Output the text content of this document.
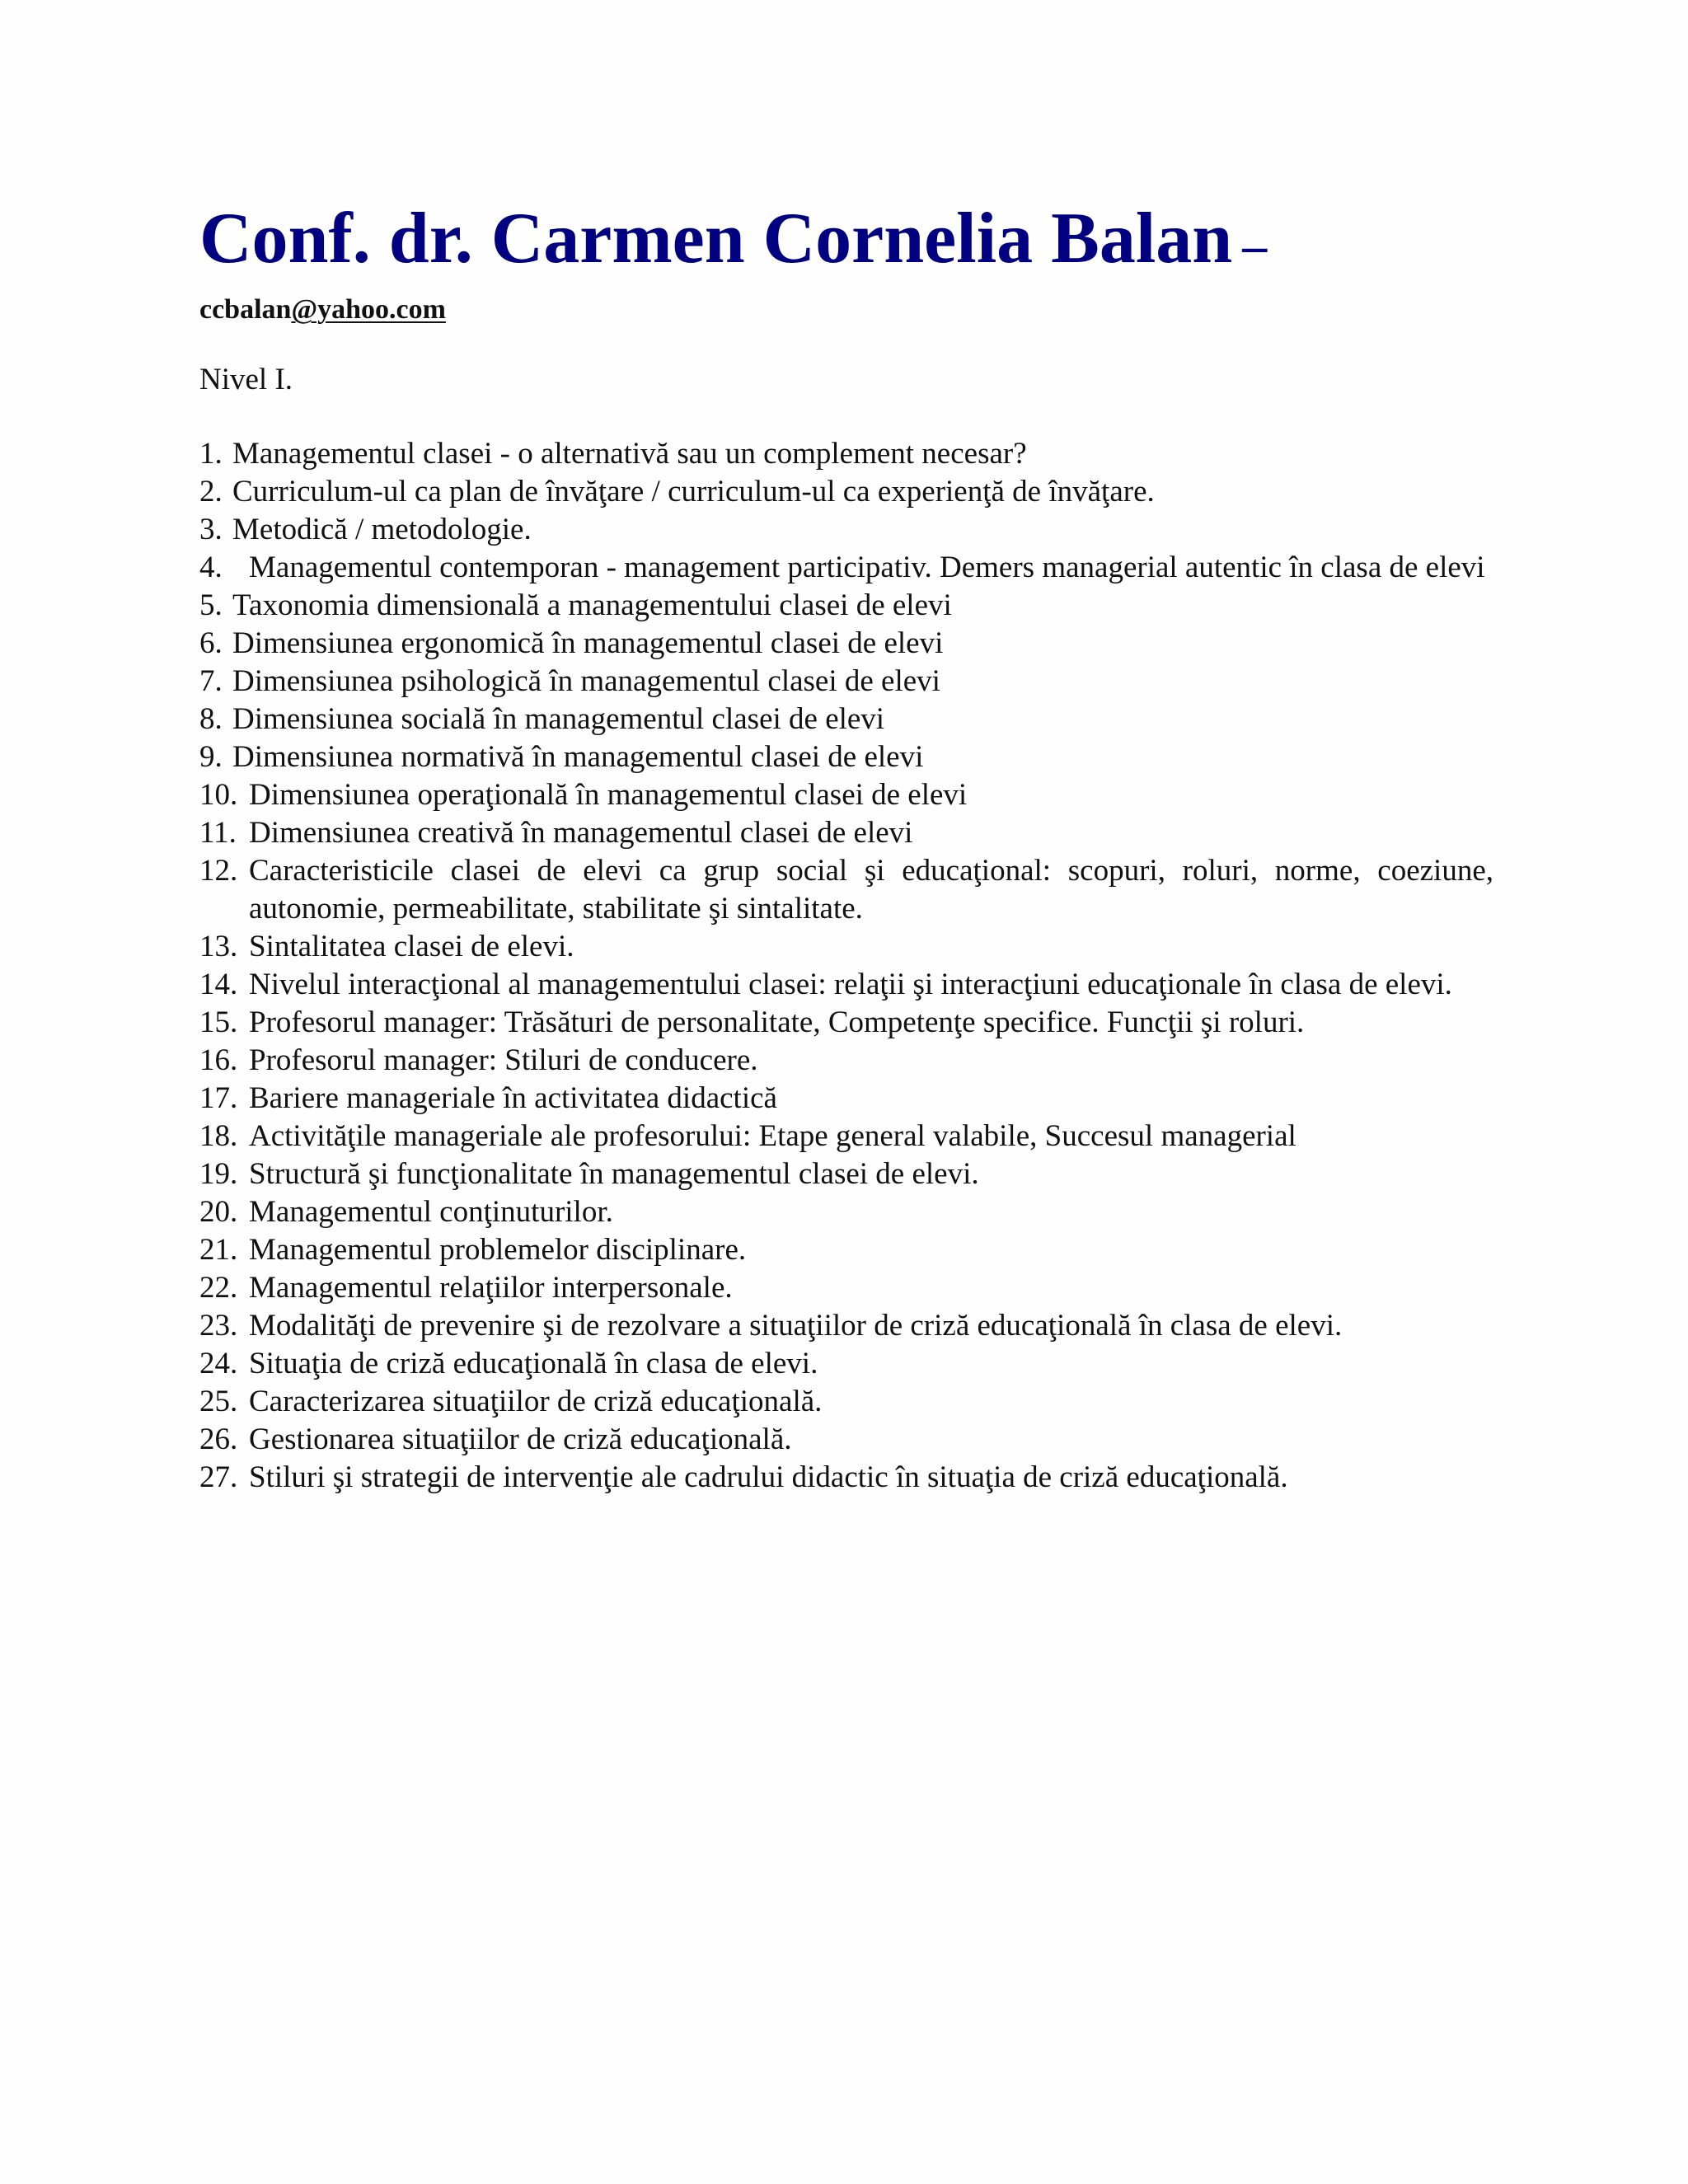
Conf. dr. Carmen Cornelia Balan –
ccbalan@yahoo.com
Nivel I.
1. Managementul clasei - o alternativă sau un complement necesar?
2. Curriculum-ul ca plan de învăţare / curriculum-ul ca experienţă de învăţare.
3. Metodică / metodologie.
4. Managementul contemporan - management participativ. Demers managerial autentic în clasa de elevi
5. Taxonomia dimensională a managementului clasei de elevi
6. Dimensiunea ergonomică în managementul clasei de elevi
7. Dimensiunea psihologică în managementul clasei de elevi
8. Dimensiunea socială în managementul clasei de elevi
9. Dimensiunea normativă în managementul clasei de elevi
10. Dimensiunea operaţională în managementul clasei de elevi
11. Dimensiunea creativă în managementul clasei de elevi
12. Caracteristicile clasei de elevi ca grup social şi educaţional: scopuri, roluri, norme, coeziune, autonomie, permeabilitate, stabilitate şi sintalitate.
13. Sintalitatea clasei de elevi.
14. Nivelul interacţional al managementului clasei: relaţii şi interacţiuni educaţionale în clasa de elevi.
15. Profesorul manager: Trăsături de personalitate, Competenţe specifice. Funcţii şi roluri.
16. Profesorul manager: Stiluri de conducere.
17. Bariere manageriale în activitatea didactică
18. Activităţile manageriale ale profesorului: Etape general valabile, Succesul managerial
19. Structură şi funcţionalitate în managementul clasei de elevi.
20. Managementul conţinuturilor.
21. Managementul problemelor disciplinare.
22. Managementul relaţiilor interpersonale.
23. Modalităţi de prevenire şi de rezolvare a situaţiilor de criză educaţională în clasa de elevi.
24. Situaţia de criză educaţională în clasa de elevi.
25. Caracterizarea situaţiilor de criză educaţională.
26. Gestionarea situaţiilor de criză educaţională.
27. Stiluri şi strategii de intervenţie ale cadrului didactic în situaţia de criză educaţională.
